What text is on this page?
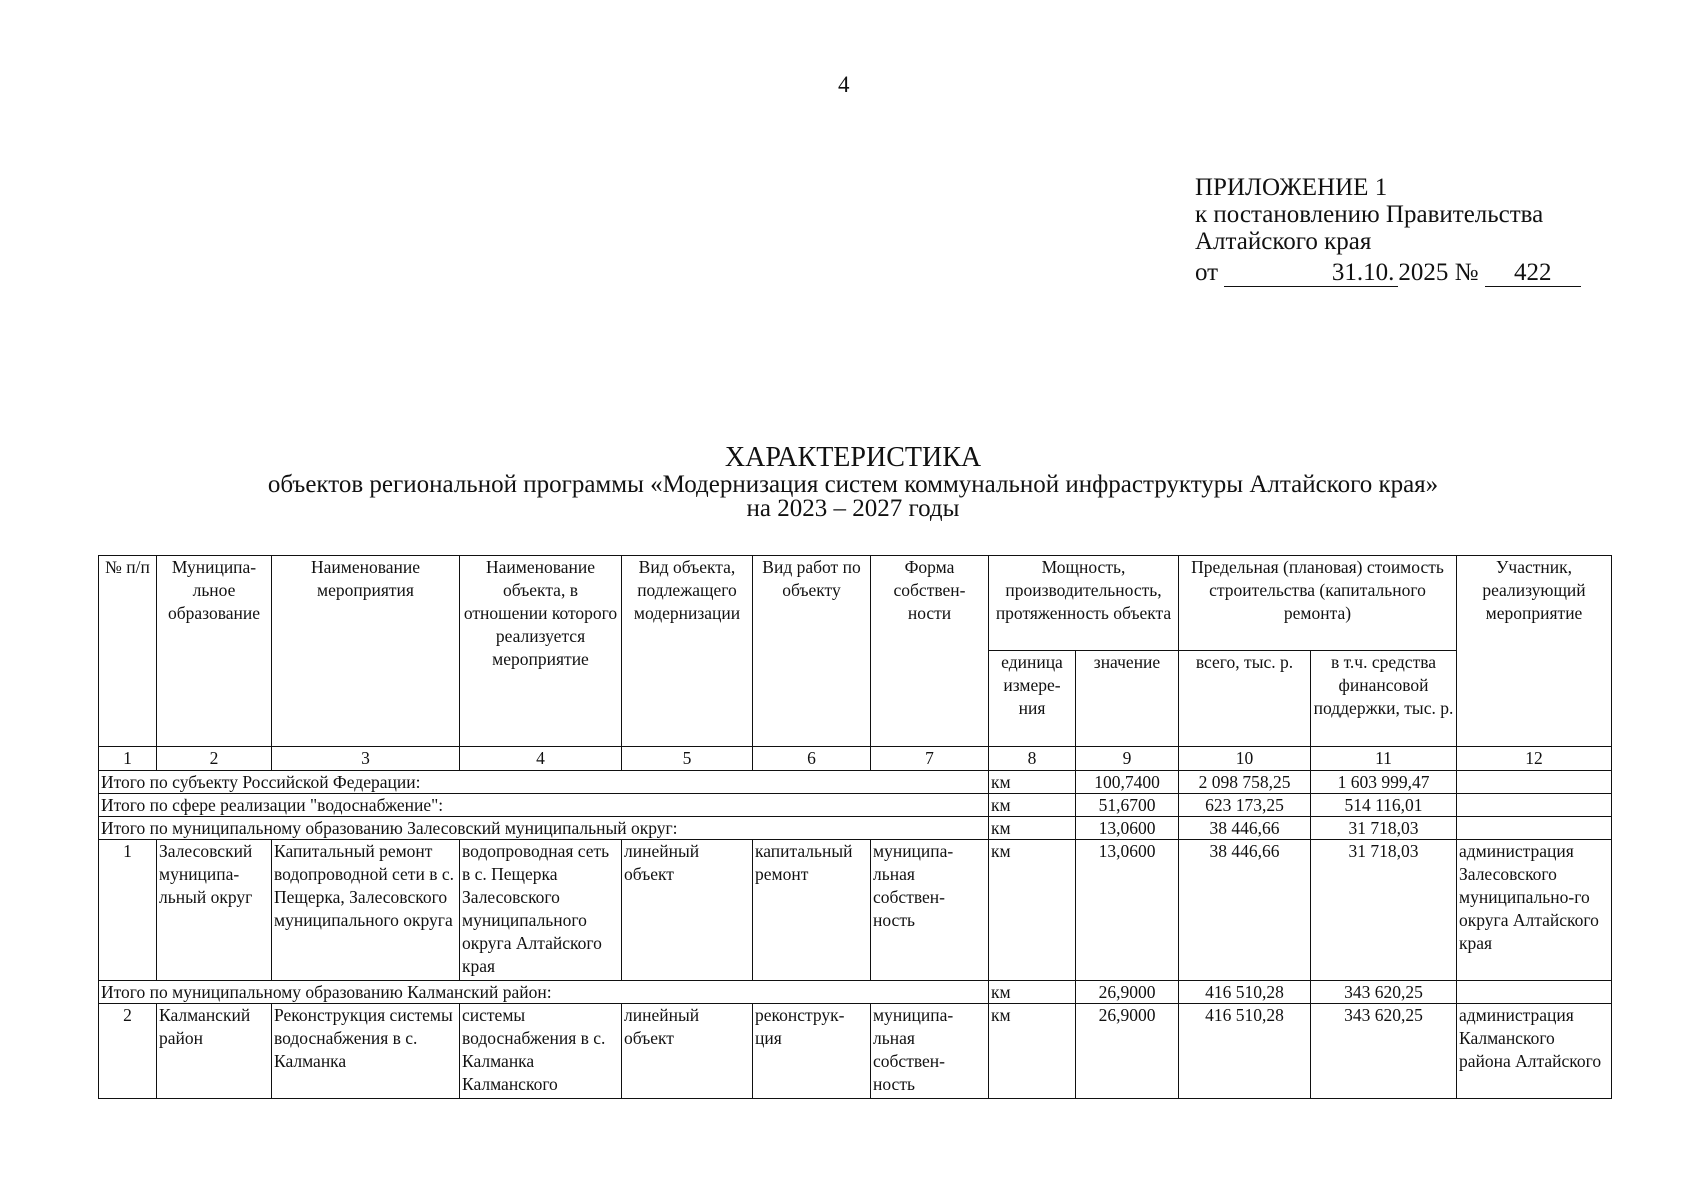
4
ПРИЛОЖЕНИЕ 1
к постановлению Правительства
Алтайского края
от	31.10. 2025 № 422
ХАРАКТЕРИСТИКА
объектов региональной программы «Модернизация систем коммунальной инфраструктуры Алтайского края»
на 2023 – 2027 годы
№ п/п	Муниципа-льное образование	Наименование мероприятия	Наименование объекта, в отношении которого реализуется мероприятие	Вид объекта, подлежащего модернизации	Вид работ по объекту	Форма собствен-ности	Мощность, производительность, протяженность объекта		Предельная (плановая) стоимость строительства (капитального ремонта)		Участник, реализующий мероприятие
							единица измере-ния	значение	всего, тыс. р.	в т.ч. средства финансовой поддержки, тыс. р.	
1	2	3	4	5	6	7	8	9	10	11	12
Итого по субъекту Российской Федерации:							км	100,7400	2 098 758,25	1 603 999,47	
Итого по сфере реализации "водоснабжение":							км	51,6700	623 173,25	514 116,01	
Итого по муниципальному образованию Залесовский муниципальный округ:							км	13,0600	38 446,66	31 718,03	
1	Залесовский муниципа-льный округ	Капитальный ремонт водопроводной сети в с. Пещерка, Залесовского муниципального округа	водопроводная сеть в с. Пещерка Залесовского муниципального округа Алтайского края	линейный объект	капитальный ремонт	муниципа-льная собствен-ность	км	13,0600	38 446,66	31 718,03	администрация Залесовского муниципально-го округа Алтайского края
Итого по муниципальному образованию Калманский район:							км	26,9000	416 510,28	343 620,25	
2	Калманский район	Реконструкция системы водоснабжения в с. Калманка	системы водоснабжения в с. Калманка Калманского	линейный объект	реконструк-ция	муниципа-льная собствен-ность	км	26,9000	416 510,28	343 620,25	администрация Калманского района Алтайского
